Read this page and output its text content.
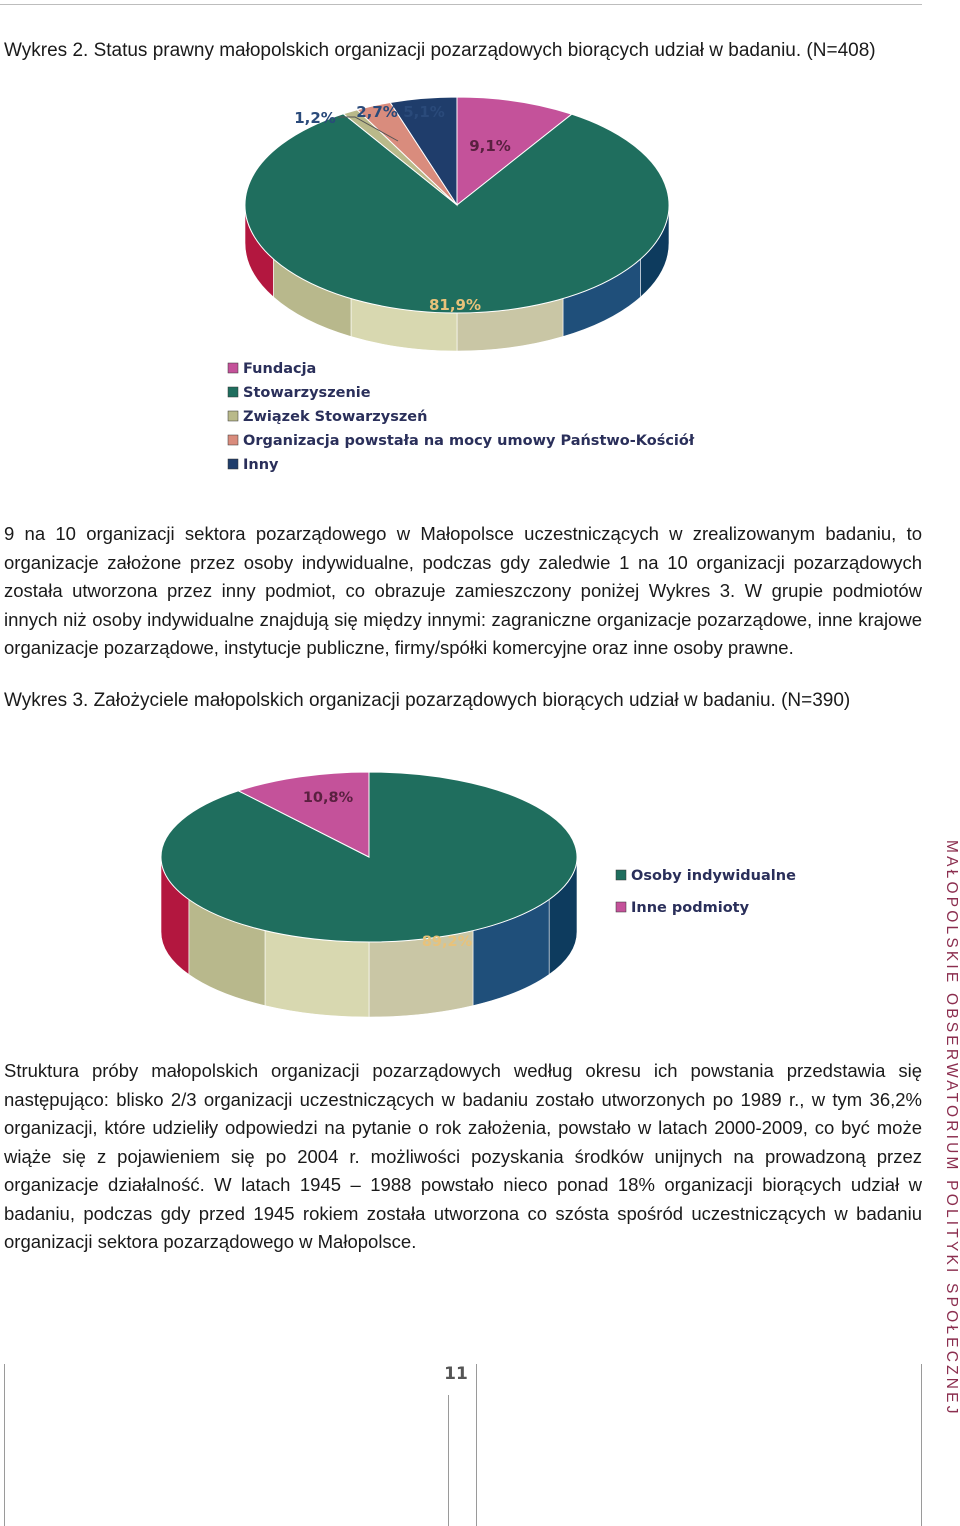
Wykres 2. Status prawny małopolskich organizacji pozarządowych biorących udział w badaniu. (N=408)
9,1%
81,9%
1,2% 2,7% 5,1%
Fundacja
Stowarzyszenie
Związek Stowarzyszeń
Organizacja powstała na mocy umowy Państwo-Kościół
Inny

9 na 10 organizacji sektora pozarządowego w Małopolsce uczestniczących w zrealizowanym badaniu, to organizacje założone przez osoby indywidualne, podczas gdy zaledwie 1 na 10 organizacji pozarządowych została utworzona przez inny podmiot, co obrazuje zamieszczony poniżej Wykres 3. W grupie podmiotów innych niż osoby indywidualne znajdują się między innymi: zagraniczne organizacje pozarządowe, inne krajowe organizacje pozarządowe, instytucje publiczne, firmy/spółki komercyjne oraz inne osoby prawne.

Wykres 3. Założyciele małopolskich organizacji pozarządowych biorących udział w badaniu. (N=390)
10,8%
89,2%
Osoby indywidualne
Inne podmioty

Struktura próby małopolskich organizacji pozarządowych według okresu ich powstania przedstawia się następująco: blisko 2/3 organizacji uczestniczących w badaniu zostało utworzonych po 1989 r., w tym 36,2% organizacji, które udzieliły odpowiedzi na pytanie o rok założenia, powstało w latach 2000-2009, co być może wiąże się z pojawieniem się po 2004 r. możliwości pozyskania środków unijnych na prowadzoną przez organizacje działalność. W latach 1945 – 1988 powstało nieco ponad 18% organizacji biorących udział w badaniu, podczas gdy przed 1945 rokiem została utworzona co szósta spośród uczestniczących w badaniu organizacji sektora pozarządowego w Małopolsce.	MAŁOPOLSKIE OBSERWATORIUM POLITYKI SPOŁECZNEJ
11
